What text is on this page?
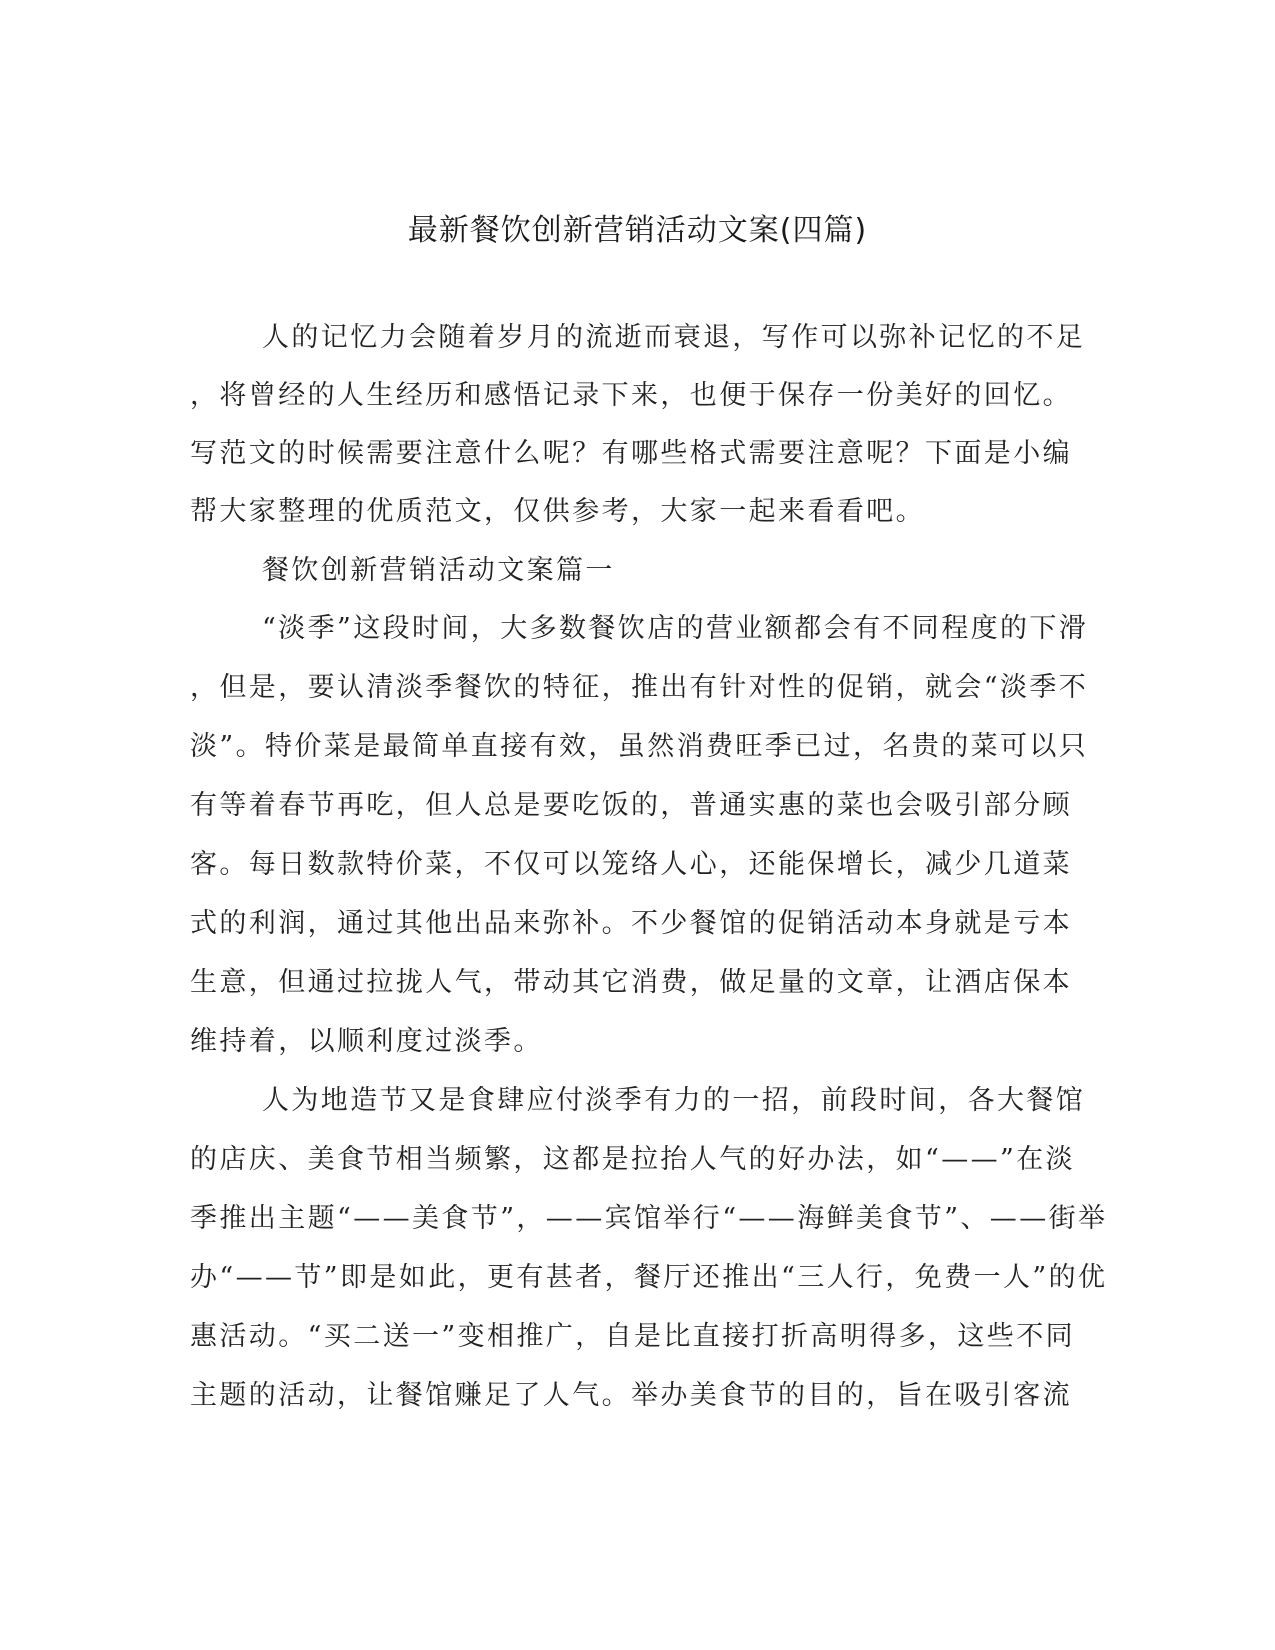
最新餐饮创新营销活动文案(四篇)
人的记忆力会随着岁月的流逝而衰退，写作可以弥补记忆的不足
，将曾经的人生经历和感悟记录下来，也便于保存一份美好的回忆。
写范文的时候需要注意什么呢？有哪些格式需要注意呢？下面是小编
帮大家整理的优质范文，仅供参考，大家一起来看看吧。
餐饮创新营销活动文案篇一
“淡季”这段时间，大多数餐饮店的营业额都会有不同程度的下滑
，但是，要认清淡季餐饮的特征，推出有针对性的促销，就会“淡季不
淡”。特价菜是最简单直接有效，虽然消费旺季已过，名贵的菜可以只
有等着春节再吃，但人总是要吃饭的，普通实惠的菜也会吸引部分顾
客。每日数款特价菜，不仅可以笼络人心，还能保增长，减少几道菜
式的利润，通过其他出品来弥补。不少餐馆的促销活动本身就是亏本
生意，但通过拉拢人气，带动其它消费，做足量的文章，让酒店保本
维持着，以顺利度过淡季。
人为地造节又是食肆应付淡季有力的一招，前段时间，各大餐馆
的店庆、美食节相当频繁，这都是拉抬人气的好办法，如“——”在淡
季推出主题“——美食节”，——宾馆举行“——海鲜美食节”、——街举
办“——节”即是如此，更有甚者，餐厅还推出“三人行，免费一人”的优
惠活动。“买二送一”变相推广，自是比直接打折高明得多，这些不同
主题的活动，让餐馆赚足了人气。举办美食节的目的，旨在吸引客流
